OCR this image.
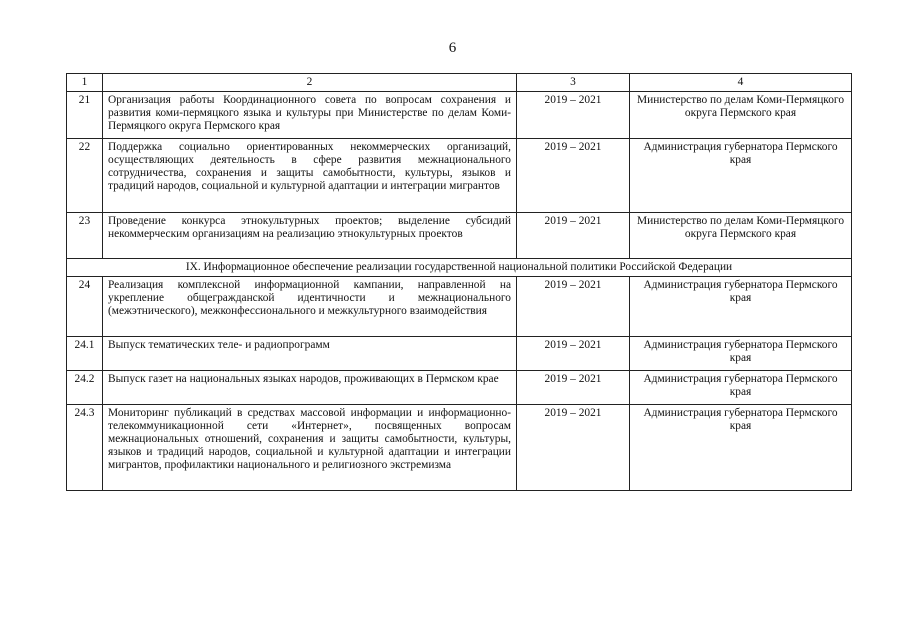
6
1	2	3	4
21	Организация работы Координационного совета по вопросам сохранения и развития коми-пермяцкого языка и культуры при Министерстве по делам Коми-Пермяцкого округа Пермского края	2019 – 2021	Министерство по делам Коми-Пермяцкого округа Пермского края
22	Поддержка социально ориентированных некоммерческих организаций, осуществляющих деятельность в сфере развития межнационального сотрудничества, сохранения и защиты самобытности, культуры, языков и традиций народов, социальной и культурной адаптации и интеграции мигрантов	2019 – 2021	Администрация губернатора Пермского края
23	Проведение конкурса этнокультурных проектов; выделение субсидий некоммерческим организациям на реализацию этнокультурных проектов	2019 – 2021	Министерство по делам Коми-Пермяцкого округа Пермского края
IX. Информационное обеспечение реализации государственной национальной политики Российской Федерации			
24	Реализация комплексной информационной кампании, направленной на укрепление общегражданской идентичности и межнационального (межэтнического), межконфессионального и межкультурного взаимодействия	2019 – 2021	Администрация губернатора Пермского края
24.1	Выпуск тематических теле- и радиопрограмм	2019 – 2021	Администрация губернатора Пермского края
24.2	Выпуск газет на национальных языках народов, проживающих в Пермском крае	2019 – 2021	Администрация губернатора Пермского края
24.3	Мониторинг публикаций в средствах массовой информации и информационно-телекоммуникационной сети «Интернет», посвященных вопросам межнациональных отношений, сохранения и защиты самобытности, культуры, языков и традиций народов, социальной и культурной адаптации и интеграции мигрантов, профилактики национального и религиозного экстремизма	2019 – 2021	Администрация губернатора Пермского края
